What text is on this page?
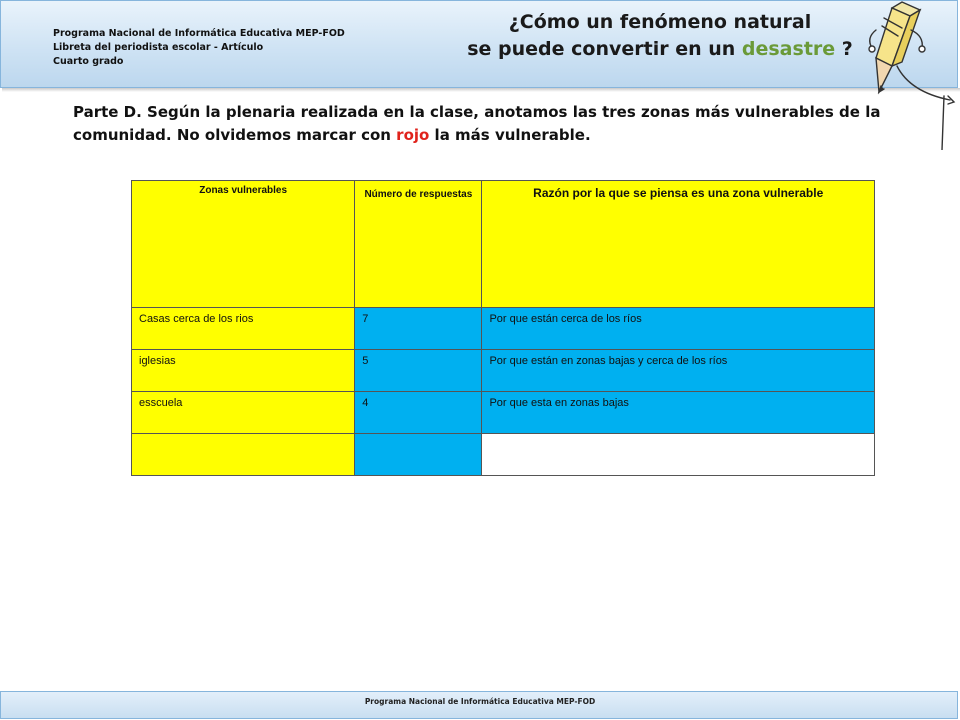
Programa Nacional de Informática Educativa MEP-FOD
Libreta del periodista escolar - Artículo
Cuarto grado
¿Cómo un fenómeno natural
se puede convertir en un desastre ?
Parte D. Según la plenaria realizada en la clase, anotamos las tres zonas más vulnerables de la comunidad. No olvidemos marcar con rojo la más vulnerable.
Zonas vulnerables	Número de respuestas	Razón por la que se piensa es una zona vulnerable
Casas cerca de los rios	7	Por que están cerca de los ríos
iglesias	5	Por que están en zonas bajas y cerca de los ríos
esscuela	4	Por que esta en zonas bajas

Programa Nacional de Informática Educativa MEP-FOD
